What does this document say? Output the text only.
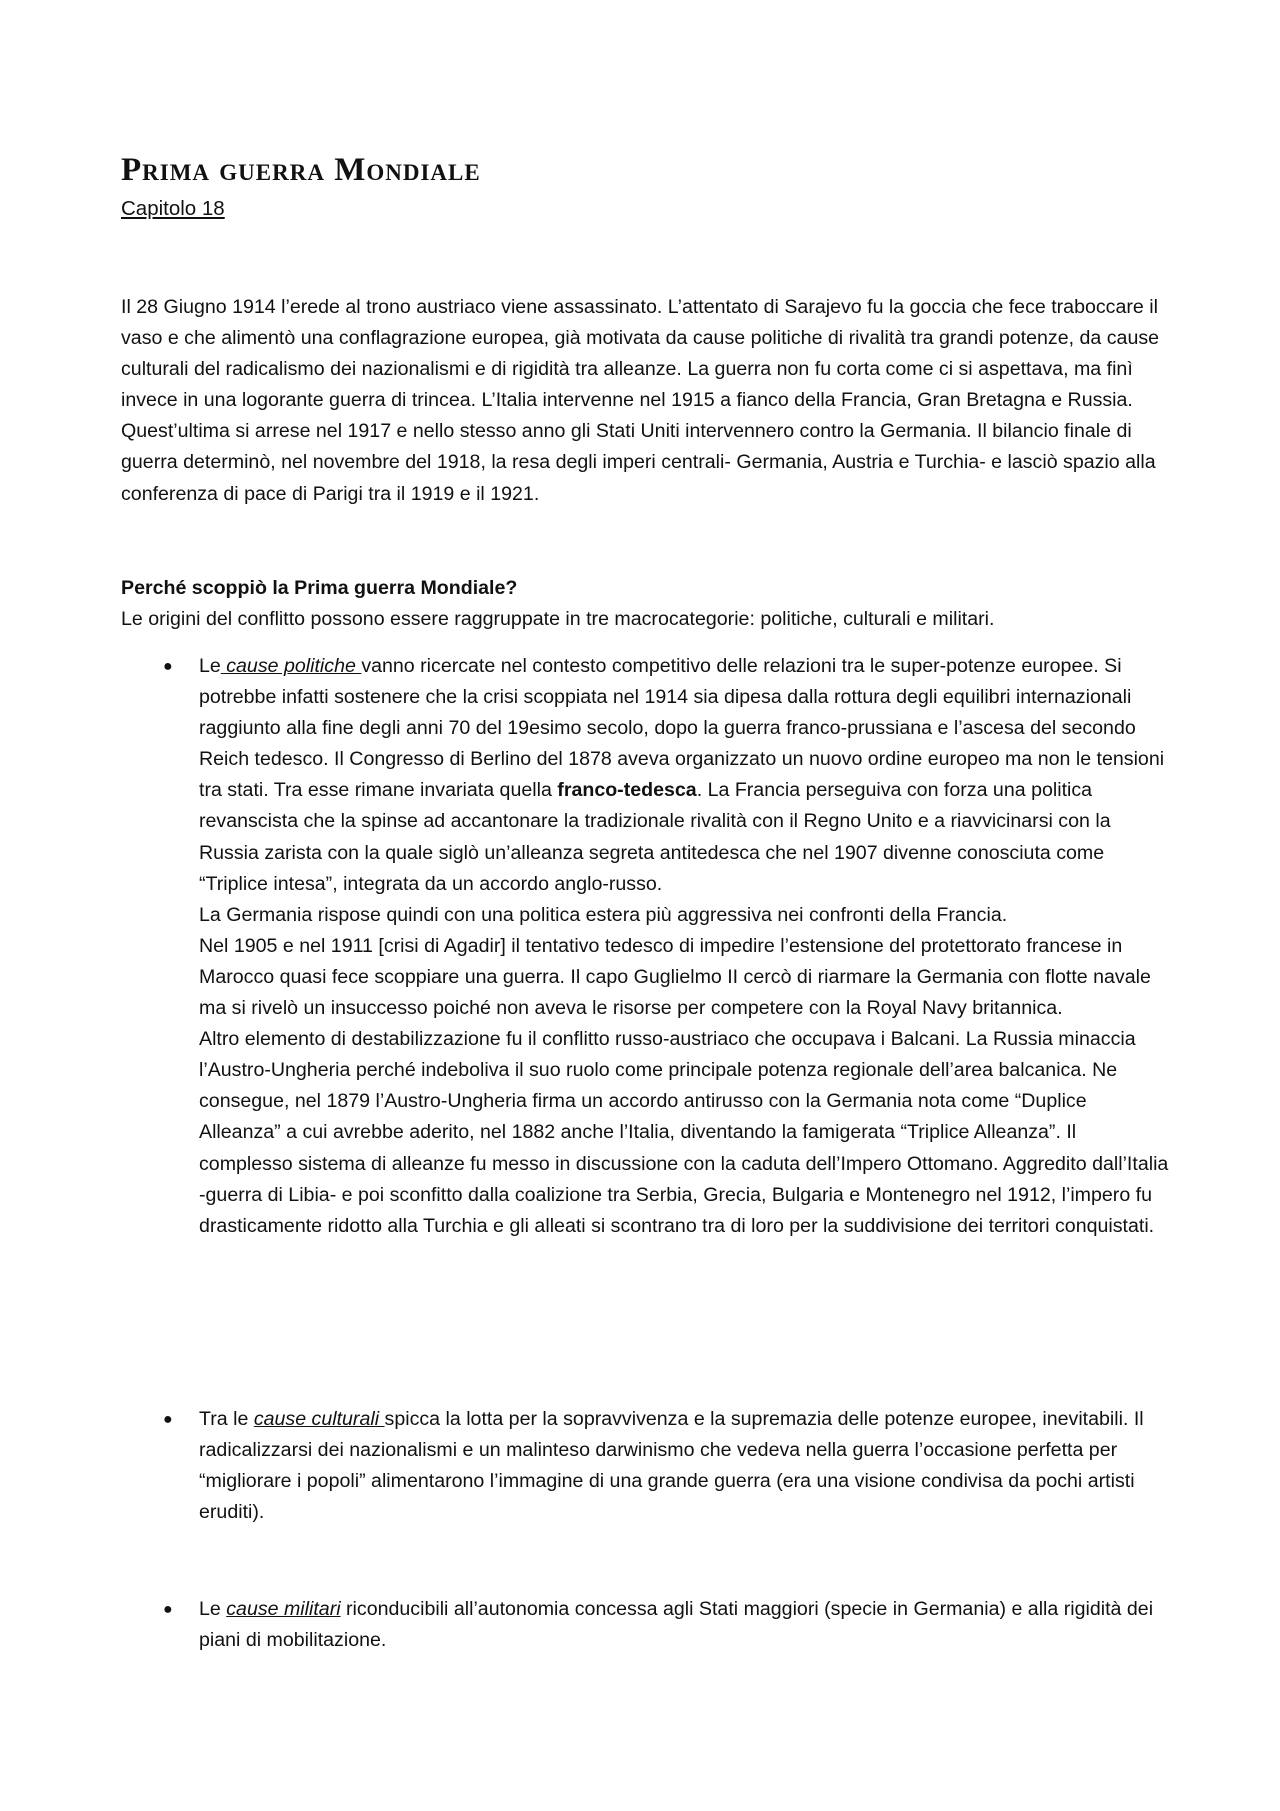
Prima guerra Mondiale

Capitolo 18

Il 28 Giugno 1914 l’erede al trono austriaco viene assassinato. L’attentato di Sarajevo fu la goccia che fece traboccare il vaso e che alimentò una conflagrazione europea, già motivata da cause politiche di rivalità tra grandi potenze, da cause culturali del radicalismo dei nazionalismi e di rigidità tra alleanze. La guerra non fu corta come ci si aspettava, ma finì invece in una logorante guerra di trincea. L’Italia intervenne nel 1915 a fianco della Francia, Gran Bretagna e Russia. Quest’ultima si arrese nel 1917 e nello stesso anno gli Stati Uniti intervennero contro la Germania. Il bilancio finale di guerra determinò, nel novembre del 1918, la resa degli imperi centrali- Germania, Austria e Turchia- e lasciò spazio alla conferenza di pace di Parigi tra il 1919 e il 1921.

Perché scoppiò la Prima guerra Mondiale?

Le origini del conflitto possono essere raggruppate in tre macrocategorie: politiche, culturali e militari.

● Le cause politiche vanno ricercate nel contesto competitivo delle relazioni tra le super-potenze europee. Si potrebbe infatti sostenere che la crisi scoppiata nel 1914 sia dipesa dalla rottura degli equilibri internazionali raggiunto alla fine degli anni 70 del 19esimo secolo, dopo la guerra franco-prussiana e l’ascesa del secondo Reich tedesco. Il Congresso di Berlino del 1878 aveva organizzato un nuovo ordine europeo ma non le tensioni tra stati. Tra esse rimane invariata quella franco-tedesca. La Francia perseguiva con forza una politica revanscista che la spinse ad accantonare la tradizionale rivalità con il Regno Unito e a riavvicinarsi con la Russia zarista con la quale siglò un’alleanza segreta antitedesca che nel 1907 divenne conosciuta come “Triplice intesa”, integrata da un accordo anglo-russo.

La Germania rispose quindi con una politica estera più aggressiva nei confronti della Francia.

Nel 1905 e nel 1911 [crisi di Agadir] il tentativo tedesco di impedire l’estensione del protettorato francese in Marocco quasi fece scoppiare una guerra. Il capo Guglielmo II cercò di riarmare la Germania con flotte navale ma si rivelò un insuccesso poiché non aveva le risorse per competere con la Royal Navy britannica.

Altro elemento di destabilizzazione fu il conflitto russo-austriaco che occupava i Balcani. La Russia minaccia l’Austro-Ungheria perché indeboliva il suo ruolo come principale potenza regionale dell’area balcanica. Ne consegue, nel 1879 l’Austro-Ungheria firma un accordo antirusso con la Germania nota come “Duplice Alleanza” a cui avrebbe aderito, nel 1882 anche l’Italia, diventando la famigerata “Triplice Alleanza”. Il complesso sistema di alleanze fu messo in discussione con la caduta dell’Impero Ottomano. Aggredito dall’Italia -guerra di Libia- e poi sconfitto dalla coalizione tra Serbia, Grecia, Bulgaria e Montenegro nel 1912, l’impero fu drasticamente ridotto alla Turchia e gli alleati si scontrano tra di loro per la suddivisione dei territori conquistati.

● Tra le cause culturali spicca la lotta per la sopravvivenza e la supremazia delle potenze europee, inevitabili. Il radicalizzarsi dei nazionalismi e un malinteso darwinismo che vedeva nella guerra l’occasione perfetta per “migliorare i popoli” alimentarono l’immagine di una grande guerra (era una visione condivisa da pochi artisti eruditi).

● Le cause militari riconducibili all’autonomia concessa agli Stati maggiori (specie in Germania) e alla rigidità dei piani di mobilitazione.
